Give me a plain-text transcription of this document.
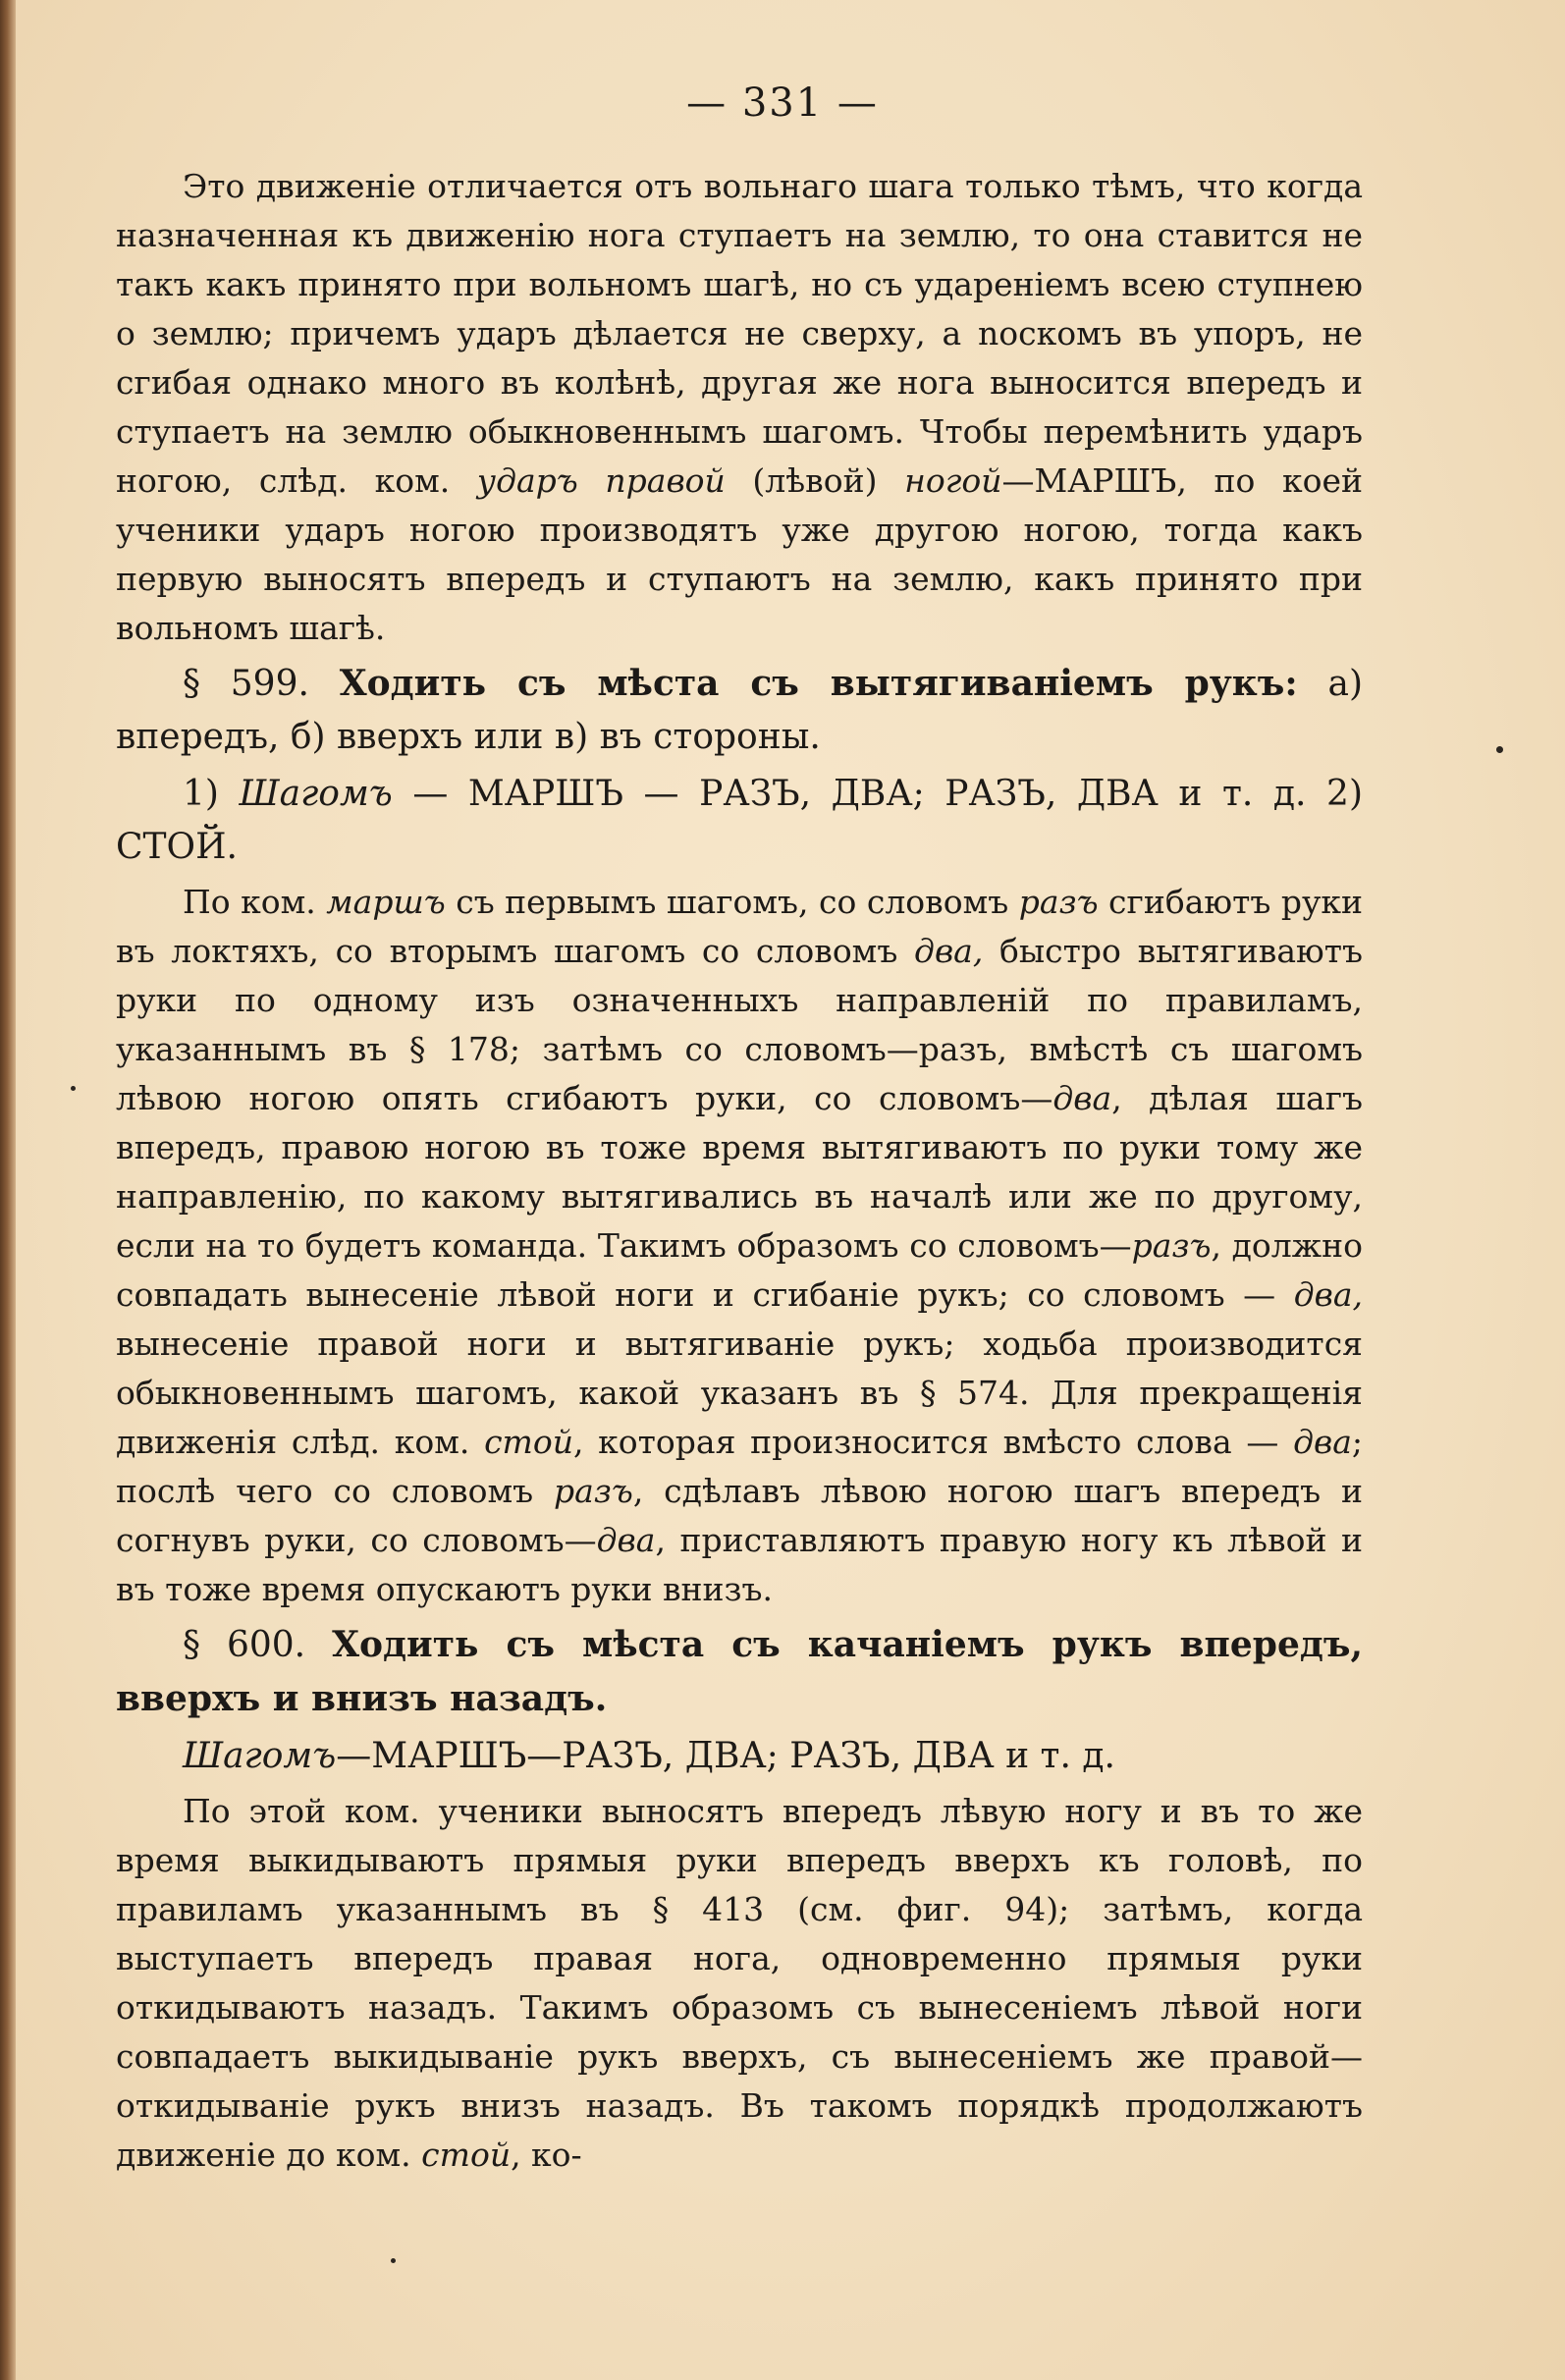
— 331 —

Это движеніе отличается отъ вольнаго шага только тѣмъ, что когда назначенная къ движенію нога ступаетъ на землю, то она ставится не такъ какъ принято при вольномъ шагѣ, но съ удареніемъ всею ступнею о землю; причемъ ударъ дѣлается не сверху, а noскомъ въ упоръ, не сгибая однако много въ колѣнѣ, другая же нога выносится впередъ и ступаетъ на землю обыкновеннымъ шагомъ. Чтобы перемѣнить ударъ ногою, слѣд. ком. ударъ правой (лѣвой) ногой—МАРШЪ, по коей ученики ударъ ногою производятъ уже другою ногою, тогда какъ первую выносятъ впередъ и ступаютъ на землю, какъ принято при вольномъ шагѣ.

§ 599. Ходить съ мѣста съ вытягиваніемъ рукъ: а) впередъ, б) вверхъ или в) въ стороны.

1) Шагомъ — МАРШЪ — РАЗЪ, ДВА; РАЗЪ, ДВА и т. д. 2) СТОЙ.

По ком. маршъ съ первымъ шагомъ, со словомъ разъ сгибаютъ руки въ локтяхъ, со вторымъ шагомъ со словомъ два, быстро вытягиваютъ руки по одному изъ означенныхъ направленій по правиламъ, указаннымъ въ § 178; затѣмъ со словомъ—разъ, вмѣстѣ съ шагомъ лѣвою ногою опять сгибаютъ руки, со словомъ—два, дѣлая шагъ впередъ, правою ногою въ тоже время вытягиваютъ по руки тому же направленію, по какому вытягивались въ началѣ или же по другому, если на то будетъ команда. Такимъ образомъ со словомъ—разъ, должно совпадать вынесеніе лѣвой ноги и сгибаніе рукъ; со словомъ — два, вынесеніе правой ноги и вытягиваніе рукъ; ходьба производится обыкновеннымъ шагомъ, какой указанъ въ § 574. Для прекращенія движенія слѣд. ком. стой, которая произносится вмѣсто слова — два; послѣ чего со словомъ разъ, сдѣлавъ лѣвою ногою шагъ впередъ и согнувъ руки, со словомъ—два, приставляютъ правую ногу къ лѣвой и въ тоже время опускаютъ руки внизъ.

§ 600. Ходить съ мѣста съ качаніемъ рукъ впередъ, вверхъ и внизъ назадъ.

Шагомъ—МАРШЪ—РАЗЪ, ДВА; РАЗЪ, ДВА и т. д.

По этой ком. ученики выносятъ впередъ лѣвую ногу и въ то же время выкидываютъ прямыя руки впередъ вверхъ къ головѣ, по правиламъ указаннымъ въ § 413 (см. фиг. 94); затѣмъ, когда выступаетъ впередъ правая нога, одновременно прямыя руки откидываютъ назадъ. Такимъ образомъ съ вынесеніемъ лѣвой ноги совпадаетъ выкидываніе рукъ вверхъ, съ вынесеніемъ же правой—откидываніе рукъ внизъ назадъ. Въ такомъ порядкѣ продолжаютъ движеніе до ком. стой, ко-
